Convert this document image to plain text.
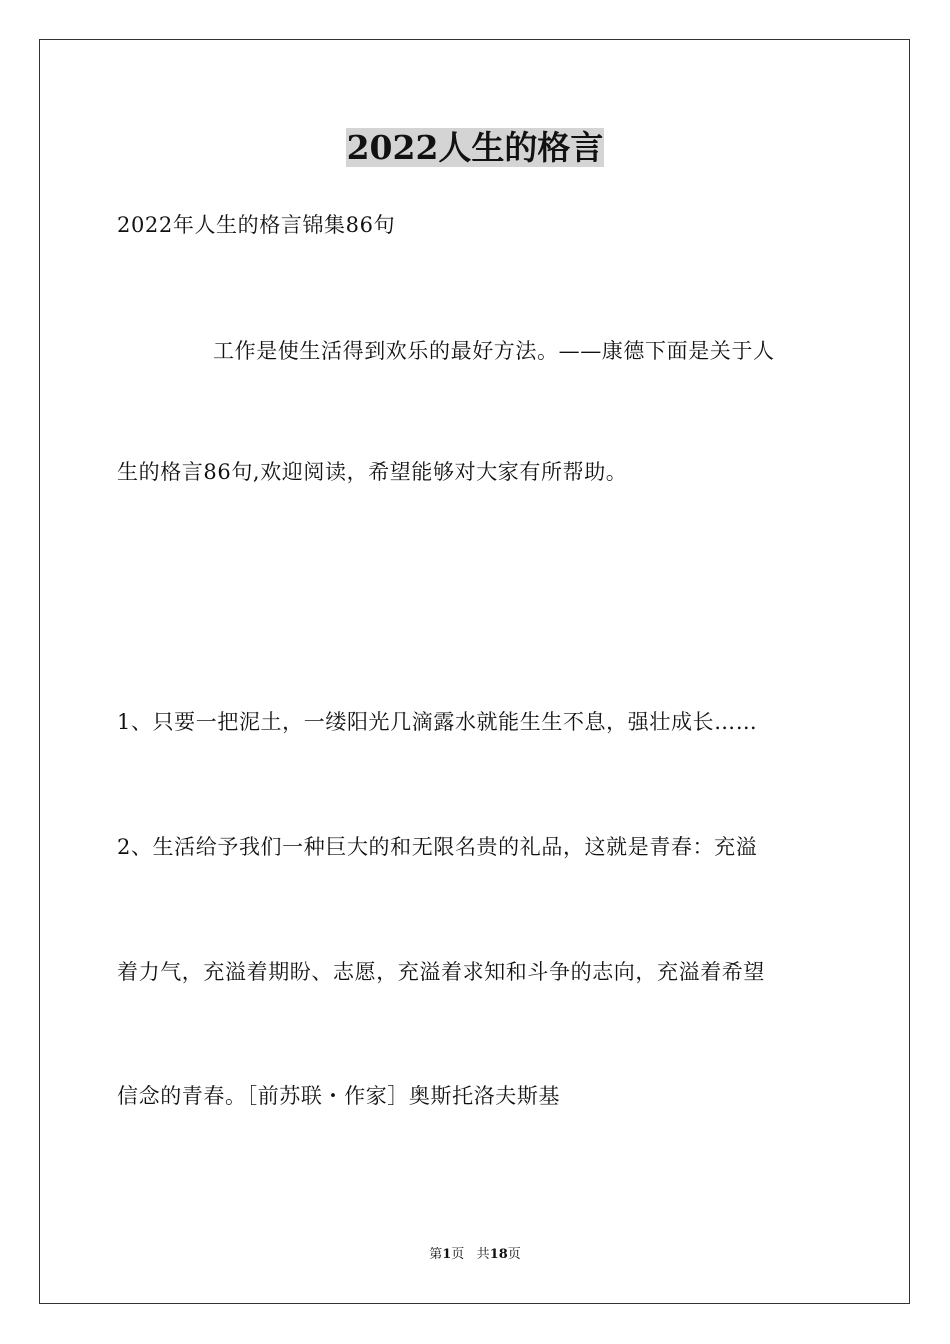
2022人生的格言
2022年人生的格言锦集86句
工作是使生活得到欢乐的最好方法。——康德下面是关于人
生的格言86句,欢迎阅读，希望能够对大家有所帮助。
1、只要一把泥土，一缕阳光几滴露水就能生生不息，强壮成长……
2、生活给予我们一种巨大的和无限名贵的礼品，这就是青春：充溢
着力气，充溢着期盼、志愿，充溢着求知和斗争的志向，充溢着希望
信念的青春。［前苏联・作家］奥斯托洛夫斯基
第1页 共18页
